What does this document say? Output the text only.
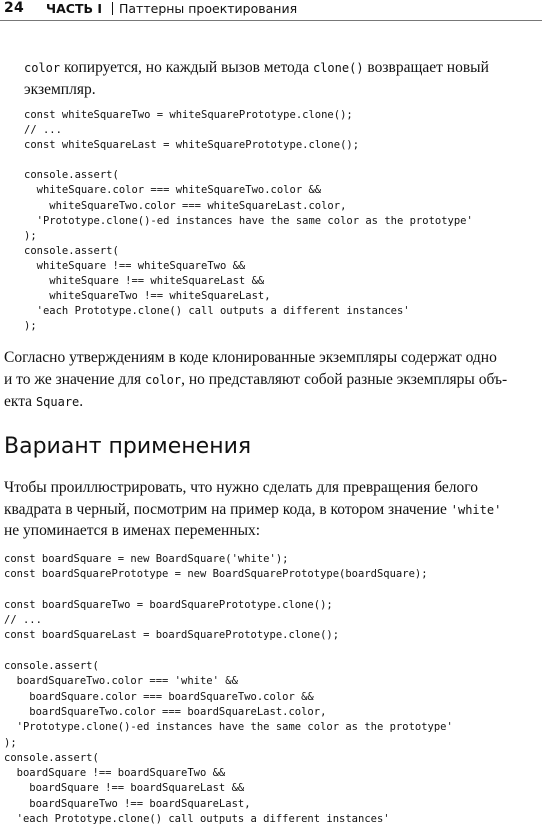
24 ЧАСТЬ I Паттерны проектирования
color копируется, но каждый вызов метода clone() возвращает новый
экземпляр.
const whiteSquareTwo = whiteSquarePrototype.clone();
// ...
const whiteSquareLast = whiteSquarePrototype.clone();

console.assert(
whiteSquare.color === whiteSquareTwo.color &&
whiteSquareTwo.color === whiteSquareLast.color,
'Prototype.clone()-ed instances have the same color as the prototype'
);
console.assert(
whiteSquare !== whiteSquareTwo &&
whiteSquare !== whiteSquareLast &&
whiteSquareTwo !== whiteSquareLast,
'each Prototype.clone() call outputs a different instances'
);
Согласно утверждениям в коде клонированные экземпляры содержат одно
и то же значение для color, но представляют собой разные экземпляры объ-
екта Square.
Вариант применения
Чтобы проиллюстрировать, что нужно сделать для превращения белого
квадрата в черный, посмотрим на пример кода, в котором значение 'white'
не упоминается в именах переменных:
const boardSquare = new BoardSquare('white');
const boardSquarePrototype = new BoardSquarePrototype(boardSquare);

const boardSquareTwo = boardSquarePrototype.clone();
// ...
const boardSquareLast = boardSquarePrototype.clone();

console.assert(
boardSquareTwo.color === 'white' &&
boardSquare.color === boardSquareTwo.color &&
boardSquareTwo.color === boardSquareLast.color,
'Prototype.clone()-ed instances have the same color as the prototype'
);
console.assert(
boardSquare !== boardSquareTwo &&
boardSquare !== boardSquareLast &&
boardSquareTwo !== boardSquareLast,
'each Prototype.clone() call outputs a different instances'
